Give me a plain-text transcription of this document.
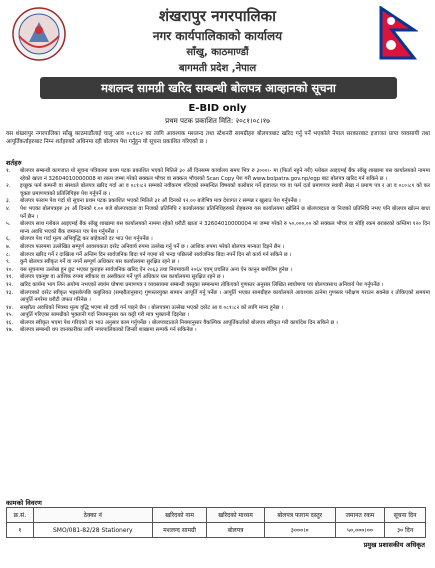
शंखरापुर नगरपालिका
नगर कार्यपालिकाको कार्यालय
साँखु, काठमाण्डौं
बागमती प्रदेश ,नेपाल
मशलन्द सामग्री खरिद सम्बन्धी बोलपत्र आव्हानको सूचना
E-BID only
प्रथम पटक प्रकाशित मिति: २०८१।०८।१७
यस शंखरापुर नगरपालिका साँखु काठमाडौंलाई चालु आव ०८१।८२ का लागि आवश्यक मशलन्द तथा स्टेशनरी सामग्रीहरु बोलपत्रबाट खरिद गर्नु पर्ने भएकोले नेपाल सरकारबाट इजाजत प्राप्त व्यवसायी तथा आपूर्तिकर्ताहरुबाट निम्न शर्तहरुको अधिनमा रही बोलपत्र पेश गर्नुहुन यो सूचना प्रकाशित गरिएको छ ।
शर्तहरु
१. बोलपत्र सम्बन्धी कागजात यो सूचना पत्रिकामा प्रथम पटक प्रकाशित भएको मितिले ३० औं दिनसम्म कार्यालय समय भित्र रु ३०००।- मा (फिर्ता नहुने गरी) ग्लोबल आइएमई बैंक साँखु शाखामा यस कार्यालयको नाममा रहेको खाता नं 32604010000008 मा रकम जम्मा गरेको सक्कल भौचर वा सक्कल भौचरको Scan Copy पेश गरी www.bolpatra.gov.np/egp बाट बोलपत्र खरिद गर्न सकिने छ ।
२. इच्छुक फर्म कम्पनी वा संस्थाले बोलपत्र खरिद गर्दा आ व ०८१।८२ सम्मको नवीकरण गरिएको सम्बन्धित विषयको कारोबार गर्ने इजाजत पत्र वा फर्म दर्ता प्रमाणपत्र स्थायी लेखा नं प्रमाण पत्र र आ व ०८०।८१ को कर चुक्ता प्रमाणपत्रको प्रतिलिपिहरु पेश गर्नुपर्ने छ ।
३. बोलपत्र फाराम पेश गर्दा यो सूचना प्रथम पटक प्रकाशित भएको मितिले ३१ औं दिनको १२.०० बजेभित्र मात्र देशागत र सम्पन्न र खुलाउ पेश गर्नुपर्नेछ ।
४. पेश भएका बोलपत्रहरु ३१ औं दिनको १.०० बजे बोलपत्रदाता वा निजको प्रतिनिधि र कार्यालयका प्रतिनिधिहरुको रोहबरमा यस कार्यालयमा खोलिने छ बोलपत्रदाता वा निजको प्रतिनिधि नभए पनि बोलपत्र खोल्न बाधा पर्ने छैन ।
५. बोलपत्र साथ ग्लोबल आइएमई बैंक साँखु शाखामा यस कार्यालयको नाममा रहेको धरौटी खाता नं 32604010000004 मा जम्मा गरेको रु ५०,०००,०० को सक्कल भौचर वा सोहि रकम बराबरको कम्तिमा १२० दिन मान्य अवधि भएको बैंक जमानत पत्र पेश गर्नुपर्नेछ ।
६. बोलपत्र पेश गर्दा मूल्य अभिवृद्धि कर बाहेकको दर भाउ पेश गर्नुपर्नेछ ।
७. बोलपत्र फारममा उल्लेखित सम्पूर्ण आवश्यकता दररेट अनिवार्य रुपमा उल्लेख गर्नु पर्ने छ । आंशिक रुपमा भरेको बोलपत्र मान्यता दिइने छैन ।
८. बोलपत्र खरिद गर्ने र दाखिला गर्ने अन्तिम दिन सार्वजनिक बिदा पर्न गएमा सो भन्दा पछिल्लो सार्वजनिक बिदा नपर्ने दिन सो कार्य गर्न सकिने छ ।
९. कुनै बोलपत्र स्वीकृत गर्ने वा नगर्ने सम्पूर्ण अधिकार यस कार्यालयमा सुरक्षित रहने छ ।
१०. यस सूचनामा उल्लेख हुन छुट भएका कुराहरु सार्वजनिक खरिद ऐन २०६३ तथा नियमावली २०६४ एवम् प्रचलित अन्य ऐन कानुन बमोजिम हुनेछ ।
११. बोलपत्र एकमुष्ट वा आंशिक रुपमा स्वीकार वा अस्वीकार गर्ने पूर्ण अधिकार यस कार्यालयमा सुरक्षित रहने छ ।
१२. खरिद कार्यमा भाग लिन अयोग्य नभएको स्वयंम घोषणा प्रमाणपत्र र व्यवसायमा सम्बन्धी वस्तुका सम्बन्धमा तोकिएको गुणस्तर अनुसार लिखित स्वघोषणा पत्र बोलपत्रसाथ अनिवार्य पेश गर्नुपर्नेछ ।
१३. बोलपत्रको दररेट स्वीकृत भइसकेपछि कबुलियत (सम्झौतानुसार) गुणस्तरयुक्त सामान आपूर्ति गर्नु पर्नेछ । आपूर्ति भएका सामग्रीहरु कार्यालयले आवश्यक ठानेमा गुणस्तर परीक्षण गराउन सक्नेछ र तोकिएको समयमा आपूर्ति नगरेमा धरौटी जफत गरिनेछ ।
१४. सम्झौता अवधिको भित्रमा मूल्य वृद्धि भएमा सो दावी गर्न पाइने छैन । बोलपत्रमा उल्लेख भएको दररेट आ व ०८१।८२ को लागि मान्य हुनेछ ।
१५. आपूर्ति गरिएका सामग्रीको भुक्तानी गर्दा नियमानुसार कर कट्टी गरी मात्र भुक्तानी दिइनेछ ।
१६. बोलपत्र स्वीकृत भएमा पेश गरिएको दर भाउ अनुसार काम गर्नुपर्नेछ । बोलपत्रदाताले नियमानुसार वैकल्पिक आपूर्तिकर्ताको बोलपत्र स्वीकृत गरी कार्यादेश दिन सकिने छ ।
१७. बोलपत्र सम्बन्धी थप जानकारीका लागि नगरपालिकाको जिन्सी शाखामा सम्पर्क गर्न सकिनेछ ।
कामको विवरण
क्र.सं.	ठेक्का नं	खरिदको नाम	खरिदको माध्यम	बोलपत्र फाराम दस्तुर	जमानत रकम	सूचना दिन
१	SMO/081-82/28 Stationery	मशलन्द सामग्री	बोलपत्र	३०००।०	५०,०००।००	३० दिन
प्रमुख प्रशासकीय अधिकृत
